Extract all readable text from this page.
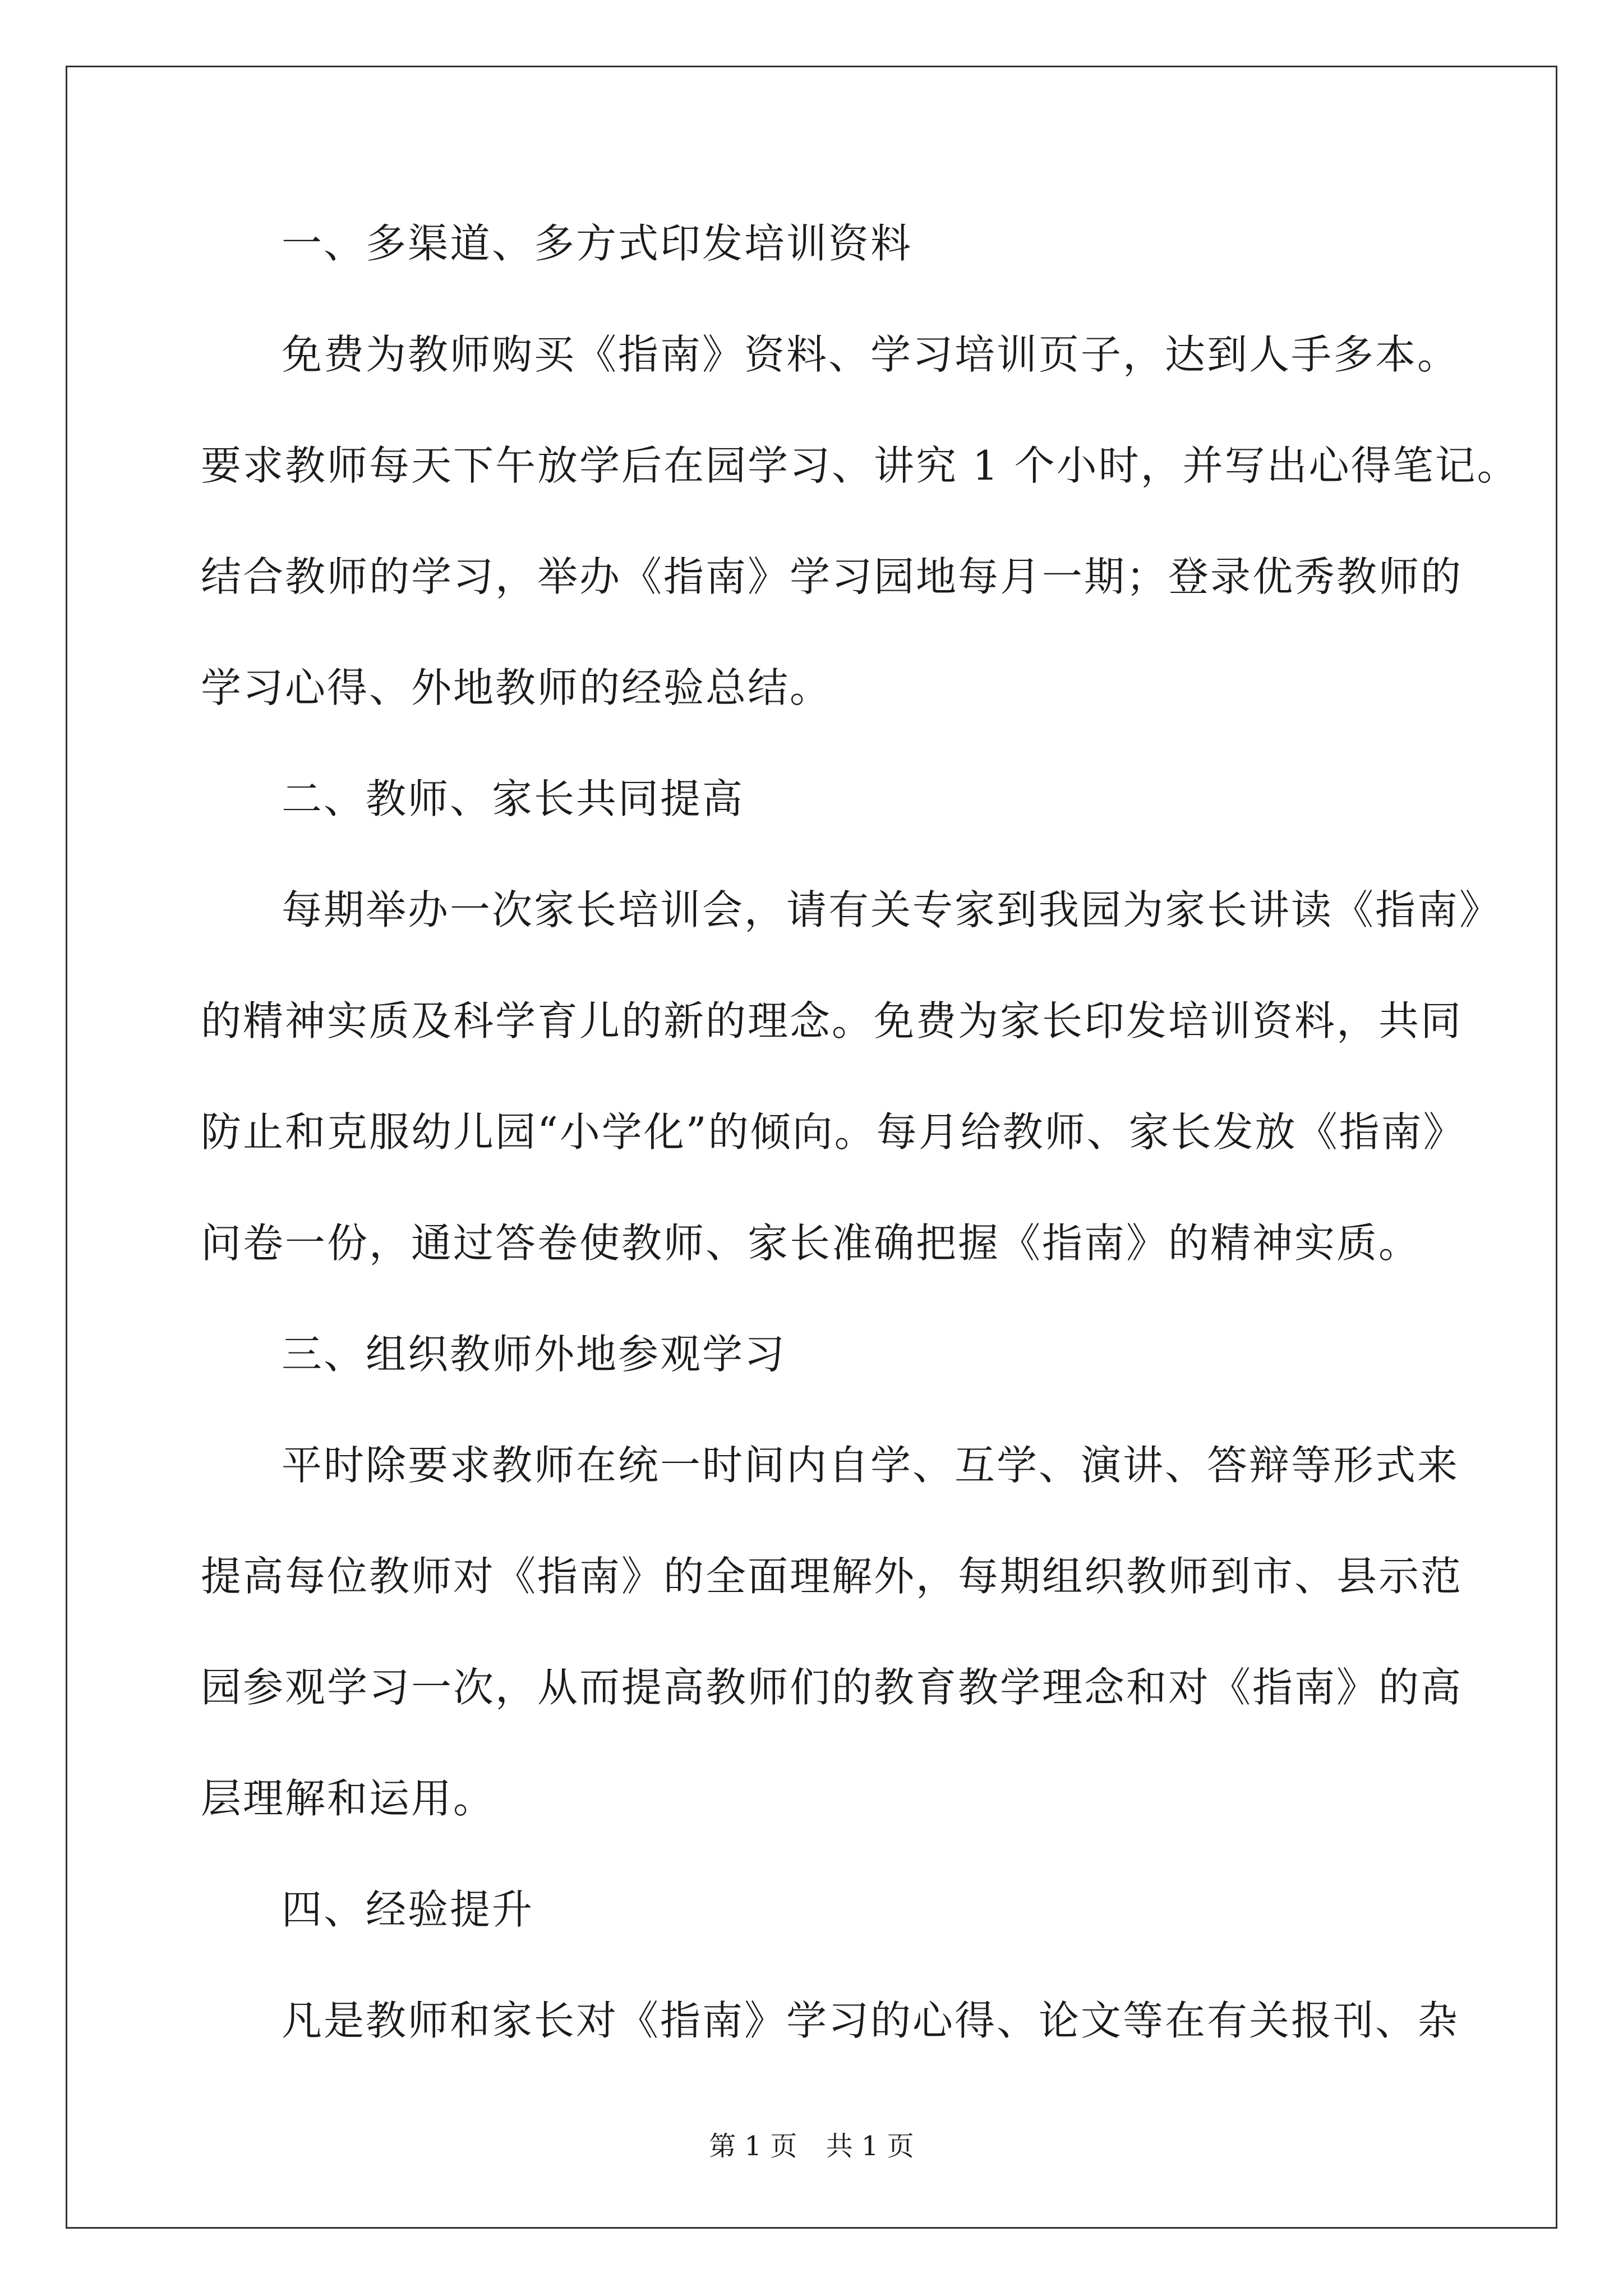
一、多渠道、多方式印发培训资料
免费为教师购买《指南》资料、学习培训页子，达到人手多本。
要求教师每天下午放学后在园学习、讲究 1 个小时，并写出心得笔记。
结合教师的学习，举办《指南》学习园地每月一期；登录优秀教师的
学习心得、外地教师的经验总结。
二、教师、家长共同提高
每期举办一次家长培训会，请有关专家到我园为家长讲读《指南》
的精神实质及科学育儿的新的理念。免费为家长印发培训资料，共同
防止和克服幼儿园“小学化”的倾向。每月给教师、家长发放《指南》
问卷一份，通过答卷使教师、家长准确把握《指南》的精神实质。
三、组织教师外地参观学习
平时除要求教师在统一时间内自学、互学、演讲、答辩等形式来
提高每位教师对《指南》的全面理解外，每期组织教师到市、县示范
园参观学习一次，从而提高教师们的教育教学理念和对《指南》的高
层理解和运用。
四、经验提升
凡是教师和家长对《指南》学习的心得、论文等在有关报刊、杂
第 1 页 共 1 页
